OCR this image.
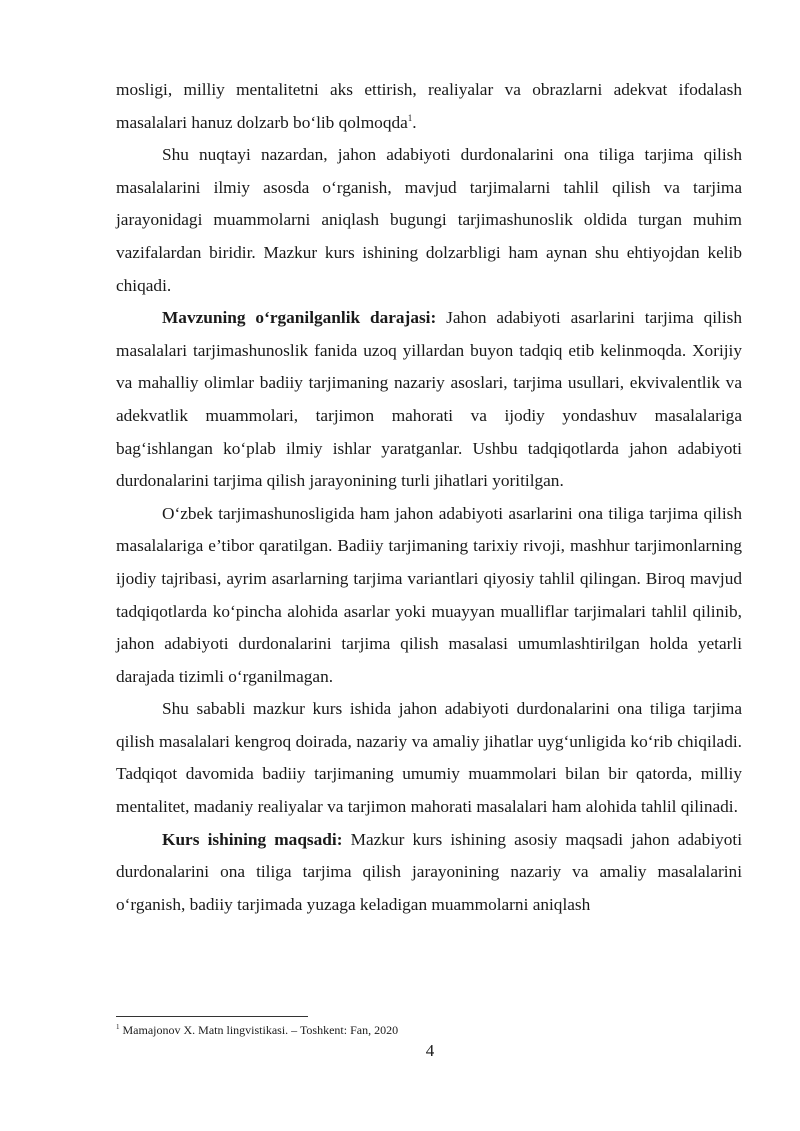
mosligi, milliy mentalitetni aks ettirish, realiyalar va obrazlarni adekvat ifodalash masalalari hanuz dolzarb bo‘lib qolmoqda$^1$.

Shu nuqtayi nazardan, jahon adabiyoti durdonalarini ona tiliga tarjima qilish masalalarini ilmiy asosda o‘rganish, mavjud tarjimalarni tahlil qilish va tarjima jarayonidagi muammolarni aniqlash bugungi tarjimashunoslik oldida turgan muhim vazifalardan biridir. Mazkur kurs ishining dolzarbligi ham aynan shu ehtiyojdan kelib chiqadi.

Mavzuning o‘rganilganlik darajasi: Jahon adabiyoti asarlarini tarjima qilish masalalari tarjimashunoslik fanida uzoq yillardan buyon tadqiq etib kelinmoqda. Xorijiy va mahalliy olimlar badiiy tarjimaning nazariy asoslari, tarjima usullari, ekvivalentlik va adekvatlik muammolari, tarjimon mahorati va ijodiy yondashuv masalalariga bag‘ishlangan ko‘plab ilmiy ishlar yaratganlar. Ushbu tadqiqotlarda jahon adabiyoti durdonalarini tarjima qilish jarayonining turli jihatlari yoritilgan.

O‘zbek tarjimashunosligida ham jahon adabiyoti asarlarini ona tiliga tarjima qilish masalalariga e’tibor qaratilgan. Badiiy tarjimaning tarixiy rivoji, mashhur tarjimonlarning ijodiy tajribasi, ayrim asarlarning tarjima variantlari qiyosiy tahlil qilingan. Biroq mavjud tadqiqotlarda ko‘pincha alohida asarlar yoki muayyan mualliflar tarjimalari tahlil qilinib, jahon adabiyoti durdonalarini tarjima qilish masalasi umumlashtirilgan holda yetarli darajada tizimli o‘rganilmagan.

Shu sababli mazkur kurs ishida jahon adabiyoti durdonalarini ona tiliga tarjima qilish masalalari kengroq doirada, nazariy va amaliy jihatlar uyg‘unligida ko‘rib chiqiladi. Tadqiqot davomida badiiy tarjimaning umumiy muammolari bilan bir qatorda, milliy mentalitet, madaniy realiyalar va tarjimon mahorati masalalari ham alohida tahlil qilinadi.

Kurs ishining maqsadi: Mazkur kurs ishining asosiy maqsadi jahon adabiyoti durdonalarini ona tiliga tarjima qilish jarayonining nazariy va amaliy masalalarini o‘rganish, badiiy tarjimada yuzaga keladigan muammolarni aniqlash

$^1$ Mamajonov X. Matn lingvistikasi. – Toshkent: Fan, 2020
4
